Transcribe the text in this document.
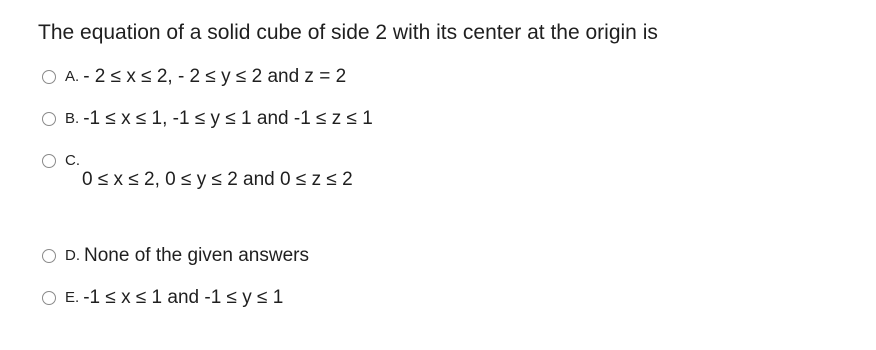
The equation of a solid cube of side 2 with its center at the origin is
A. - 2 ≤ x ≤ 2, - 2 ≤ y ≤ 2 and z = 2
B. -1 ≤ x ≤ 1, -1 ≤ y ≤ 1 and -1 ≤ z ≤ 1
C.
0 ≤ x ≤ 2, 0 ≤ y ≤ 2 and 0 ≤ z ≤ 2
D. None of the given answers
E. -1 ≤ x ≤ 1 and -1 ≤ y ≤ 1
